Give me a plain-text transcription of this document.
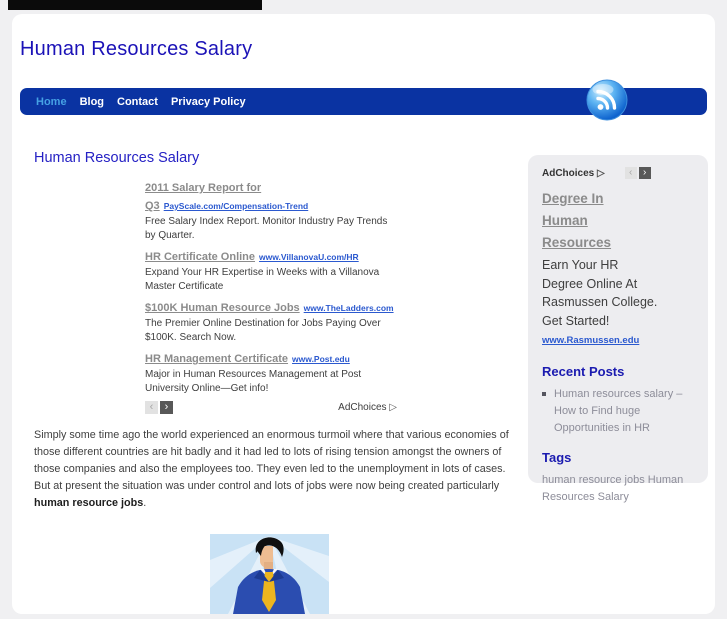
Human Resources Salary
Home Blog Contact Privacy Policy
Human Resources Salary
2011 Salary Report for Q3 PayScale.com/Compensation-Trend
Free Salary Index Report. Monitor Industry Pay Trends by Quarter.
HR Certificate Online www.VillanovaU.com/HR
Expand Your HR Expertise in Weeks with a Villanova Master Certificate
$100K Human Resource Jobs www.TheLadders.com
The Premier Online Destination for Jobs Paying Over $100K. Search Now.
HR Management Certificate www.Post.edu
Major in Human Resources Management at Post University Online—Get info!
‹	›	AdChoices ▷

Simply some time ago the world experienced an enormous turmoil where that various economies of those different countries are hit badly and it had led to lots of rising tension amongst the owners of those companies and also the employees too. They even led to the unemployment in lots of cases. But at present the situation was under control and lots of jobs were now being created particularly human resource jobs.

AdChoices ▷	‹	›
Degree In Human Resources
Earn Your HR Degree Online At Rasmussen College. Get Started!
www.Rasmussen.edu
Recent Posts
Human resources salary – How to Find huge Opportunities in HR
Tags
human resource jobs Human Resources Salary
